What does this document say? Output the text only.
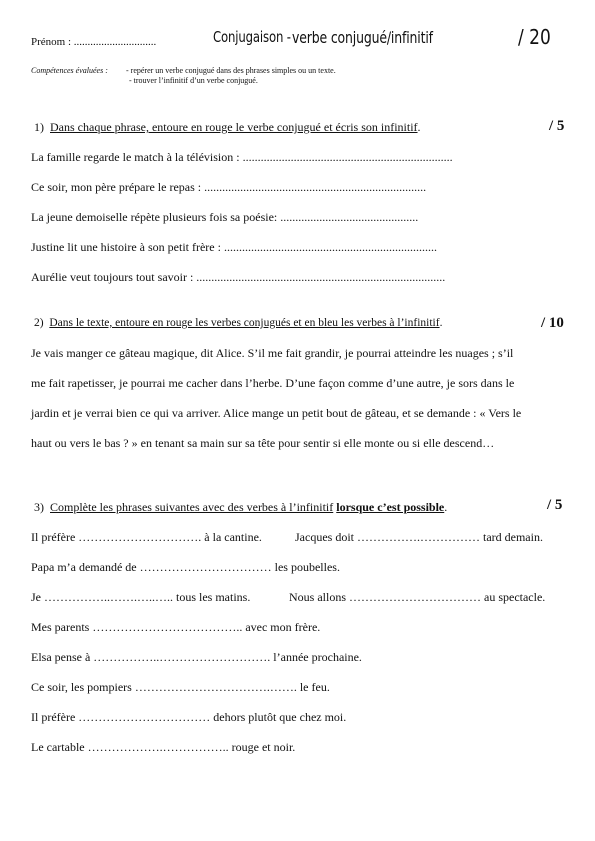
Prénom : ..............................	Conjugaison - verbe conjugué/infinitif	/ 20
Compétences évaluées : - repérer un verbe conjugué dans des phrases simples ou un texte.
- trouver l’infinitif d’un verbe conjugué.
1) Dans chaque phrase, entoure en rouge le verbe conjugué et écris son infinitif.	/ 5
La famille regarde le match à la télévision : ......................................................................
Ce soir, mon père prépare le repas : ..........................................................................
La jeune demoiselle répète plusieurs fois sa poésie: ..............................................
Justine lit une histoire à son petit frère : .......................................................................
Aurélie veut toujours tout savoir : ...................................................................................
2) Dans le texte, entoure en rouge les verbes conjugués et en bleu les verbes à l’infinitif.	/ 10
Je vais manger ce gâteau magique, dit Alice. S’il me fait grandir, je pourrai atteindre les nuages ; s’il
me fait rapetisser, je pourrai me cacher dans l’herbe. D’une façon comme d’une autre, je sors dans le
jardin et je verrai bien ce qui va arriver. Alice mange un petit bout de gâteau, et se demande : « Vers le
haut ou vers le bas ? » en tenant sa main sur sa tête pour sentir si elle monte ou si elle descend…
3) Complète les phrases suivantes avec des verbes à l’infinitif lorsque c’est possible.	/ 5
Il préfère …………………………. à la cantine.	Jacques doit …………….…………… tard demain.
Papa m’a demandé de …………………………… les poubelles.
Je ……………..…….…..….. tous les matins.	Nous allons …………………………… au spectacle.
Mes parents ……………………………….. avec mon frère.
Elsa pense à ……………..………………………. l’année prochaine.
Ce soir, les pompiers …………………………….……. le feu.
Il préfère …………………………… dehors plutôt que chez moi.
Le cartable ……………….…………….. rouge et noir.
